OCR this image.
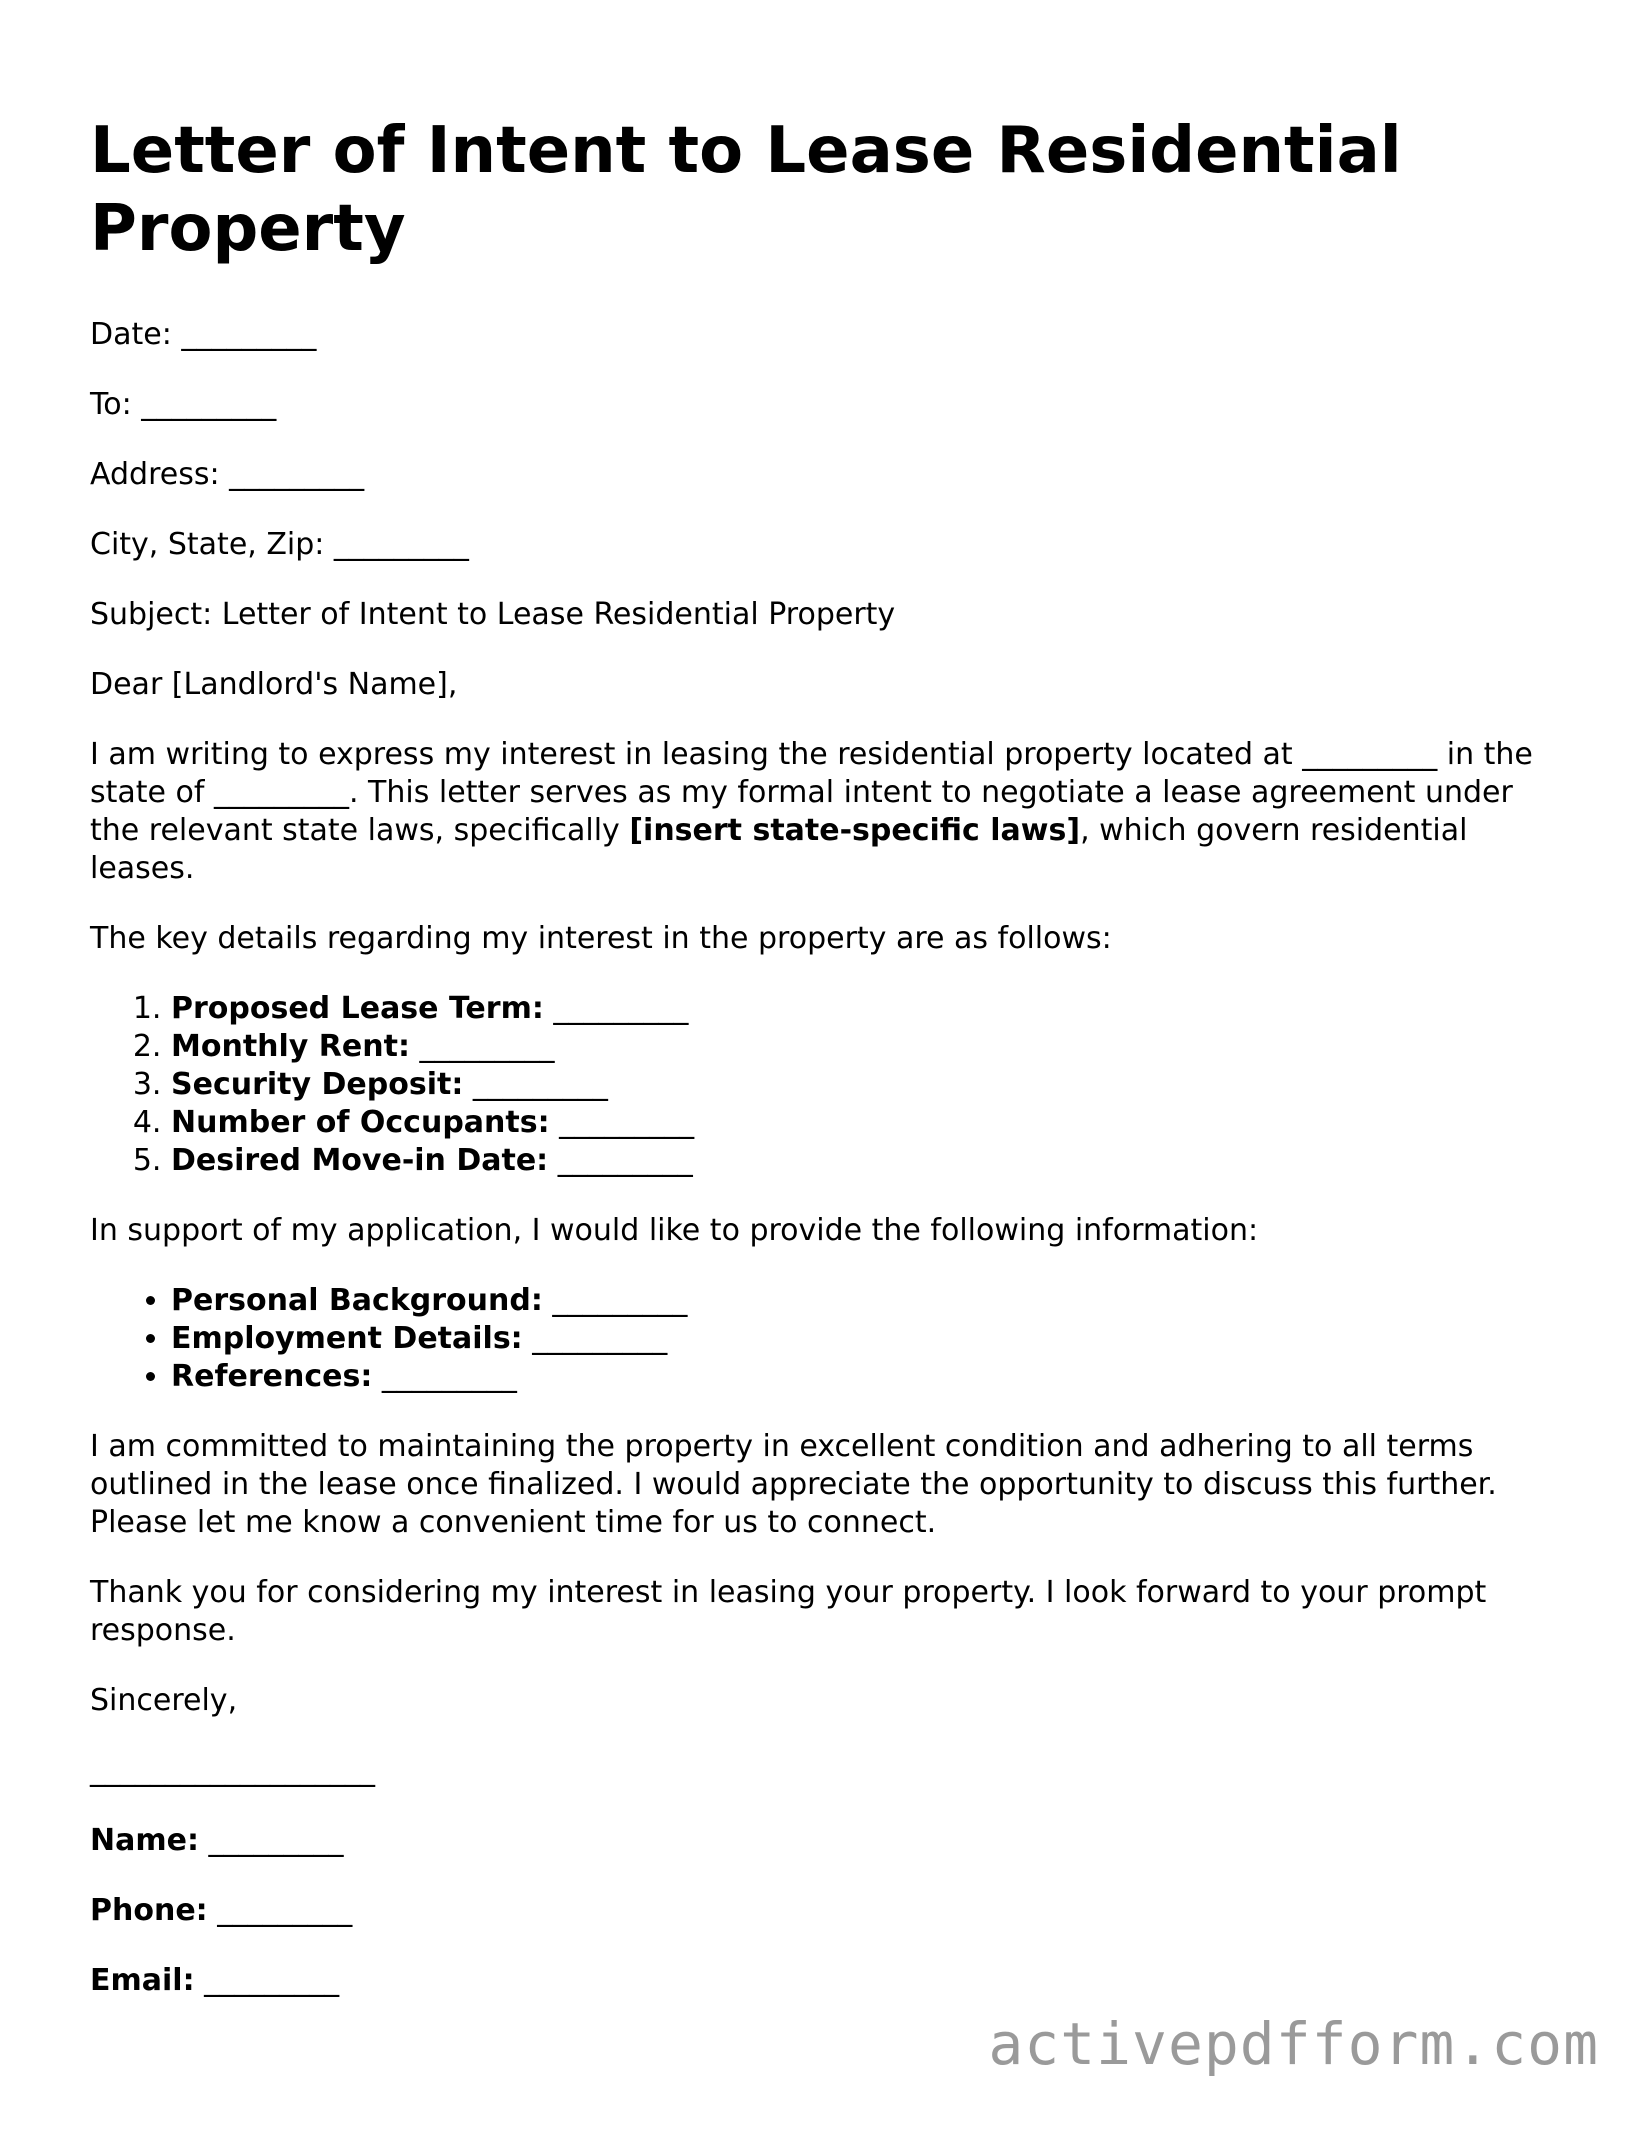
Letter of Intent to Lease Residential Property

Date: _________

To: _________

Address: _________

City, State, Zip: _________

Subject: Letter of Intent to Lease Residential Property

Dear [Landlord's Name],

I am writing to express my interest in leasing the residential property located at _________ in the state of _________. This letter serves as my formal intent to negotiate a lease agreement under the relevant state laws, specifically [insert state-specific laws], which govern residential leases.

The key details regarding my interest in the property are as follows:

1. Proposed Lease Term: _________
2. Monthly Rent: _________
3. Security Deposit: _________
4. Number of Occupants: _________
5. Desired Move-in Date: _________

In support of my application, I would like to provide the following information:

• Personal Background: _________
• Employment Details: _________
• References: _________

I am committed to maintaining the property in excellent condition and adhering to all terms outlined in the lease once finalized. I would appreciate the opportunity to discuss this further. Please let me know a convenient time for us to connect.

Thank you for considering my interest in leasing your property. I look forward to your prompt response.

Sincerely,

___________________

Name: _________

Phone: _________

Email: _________

activepdfform.com
